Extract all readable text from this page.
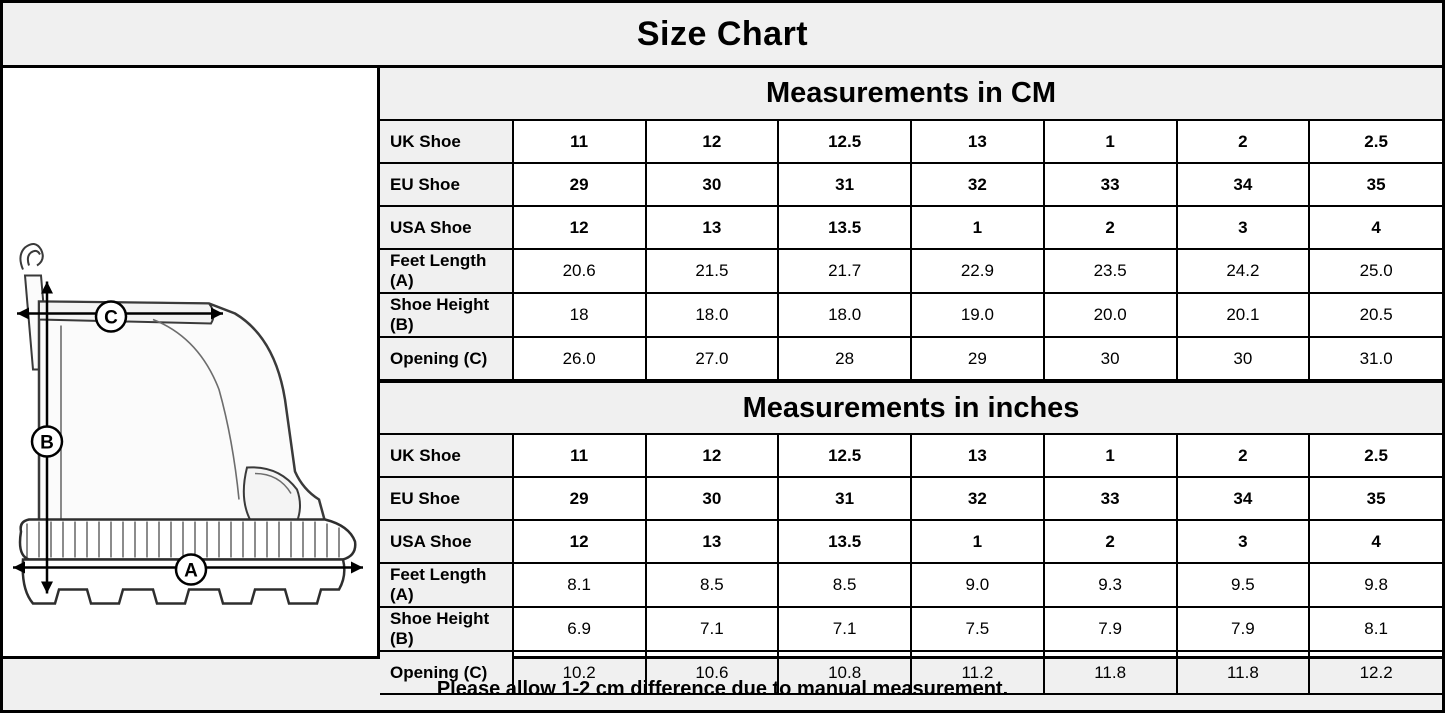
Size Chart
C
B
A
Measurements in CM							
UK Shoe	11	12	12.5	13	1	2	2.5
EU Shoe	29	30	31	32	33	34	35
USA Shoe	12	13	13.5	1	2	3	4
Feet Length (A)	20.6	21.5	21.7	22.9	23.5	24.2	25.0
Shoe Height (B)	18	18.0	18.0	19.0	20.0	20.1	20.5
Opening (C)	26.0	27.0	28	29	30	30	31.0
Measurements in inches							
UK Shoe	11	12	12.5	13	1	2	2.5
EU Shoe	29	30	31	32	33	34	35
USA Shoe	12	13	13.5	1	2	3	4
Feet Length (A)	8.1	8.5	8.5	9.0	9.3	9.5	9.8
Shoe Height (B)	6.9	7.1	7.1	7.5	7.9	7.9	8.1
Opening (C)	10.2	10.6	10.8	11.2	11.8	11.8	12.2
Please allow 1-2 cm difference due to manual measurement.
